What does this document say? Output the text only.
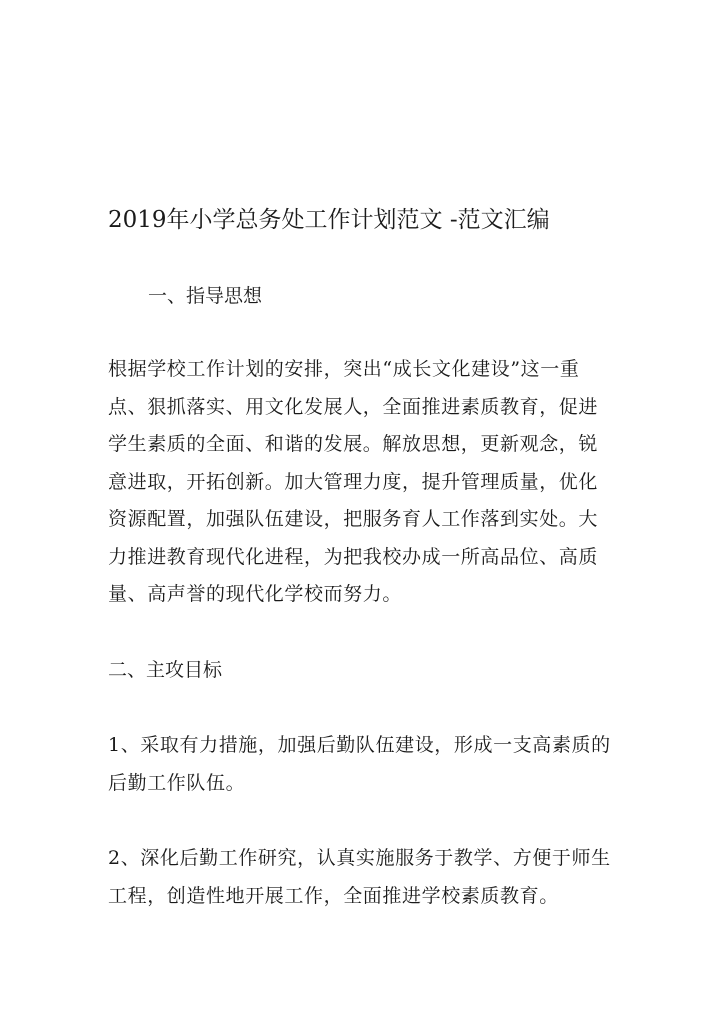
2019年小学总务处工作计划范文 -范文汇编
一、指导思想

根据学校工作计划的安排，突出“成长文化建设”这一重
点、狠抓落实、用文化发展人，全面推进素质教育，促进
学生素质的全面、和谐的发展。解放思想，更新观念，锐
意进取，开拓创新。加大管理力度，提升管理质量，优化
资源配置，加强队伍建设，把服务育人工作落到实处。大
力推进教育现代化进程，为把我校办成一所高品位、高质
量、高声誉的现代化学校而努力。

二、主攻目标

1、采取有力措施，加强后勤队伍建设，形成一支高素质的
后勤工作队伍。

2、深化后勤工作研究，认真实施服务于教学、方便于师生
工程，创造性地开展工作，全面推进学校素质教育。
